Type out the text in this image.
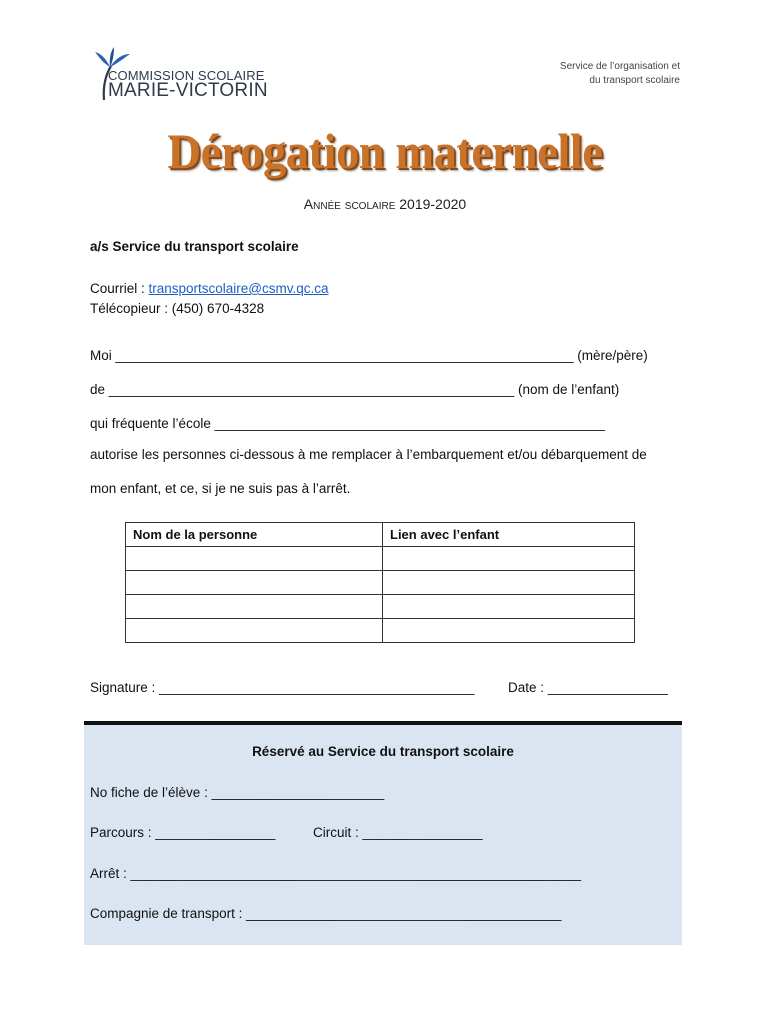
COMMISSION SCOLAIRE
MARIE-VICTORIN
Service de l’organisation et
du transport scolaire
Dérogation maternelle
Année scolaire 2019-2020
a/s Service du transport scolaire
Courriel : transportscolaire@csmv.qc.ca
Télécopieur : (450) 670-4328
Moi _____________________________________________________________ (mère/père)
de ______________________________________________________ (nom de l’enfant)
qui fréquente l’école ____________________________________________________
autorise les personnes ci-dessous à me remplacer à l’embarquement et/ou débarquement de
mon enfant, et ce, si je ne suis pas à l’arrêt.
Nom de la personne	Lien avec l’enfant

Signature : __________________________________________ Date : ________________
Réservé au Service du transport scolaire
No fiche de l’élève : _______________________
Parcours : ________________	Circuit : ________________
Arrêt : ____________________________________________________________
Compagnie de transport : __________________________________________
